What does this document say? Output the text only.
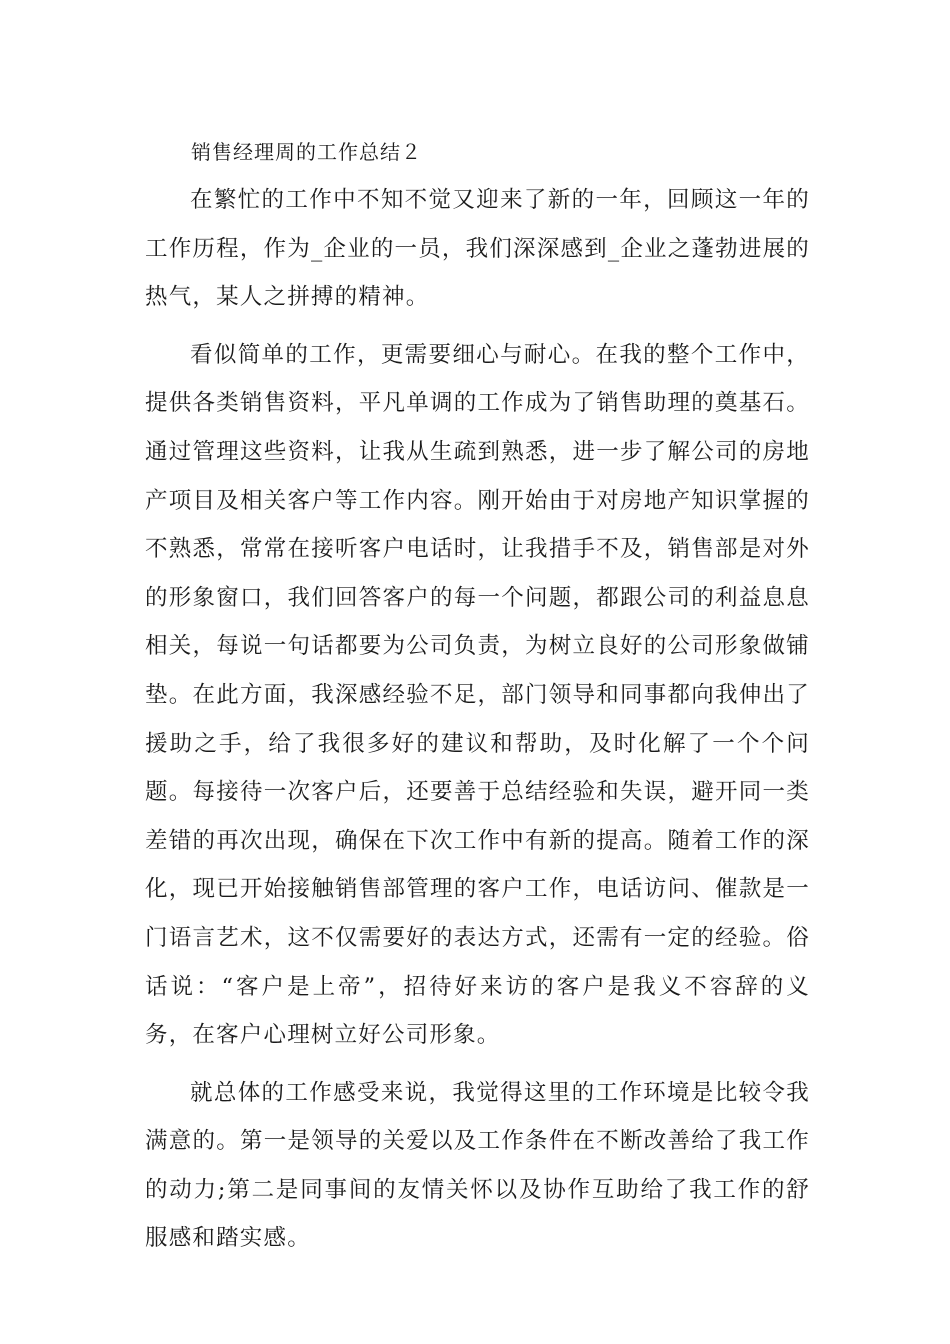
销售经理周的工作总结２

在繁忙的工作中不知不觉又迎来了新的一年，回顾这一年的工作历程，作为_企业的一员，我们深深感到_企业之蓬勃进展的热气，某人之拼搏的精神。

看似简单的工作，更需要细心与耐心。在我的整个工作中，提供各类销售资料，平凡单调的工作成为了销售助理的奠基石。通过管理这些资料，让我从生疏到熟悉，进一步了解公司的房地产项目及相关客户等工作内容。刚开始由于对房地产知识掌握的不熟悉，常常在接听客户电话时，让我措手不及，销售部是对外的形象窗口，我们回答客户的每一个问题，都跟公司的利益息息相关，每说一句话都要为公司负责，为树立良好的公司形象做铺垫。在此方面，我深感经验不足，部门领导和同事都向我伸出了援助之手，给了我很多好的建议和帮助，及时化解了一个个问题。每接待一次客户后，还要善于总结经验和失误，避开同一类差错的再次出现，确保在下次工作中有新的提高。随着工作的深化，现已开始接触销售部管理的客户工作，电话访问、催款是一门语言艺术，这不仅需要好的表达方式，还需有一定的经验。俗话说：“客户是上帝”，招待好来访的客户是我义不容辞的义务，在客户心理树立好公司形象。

就总体的工作感受来说，我觉得这里的工作环境是比较令我满意的。第一是领导的关爱以及工作条件在不断改善给了我工作的动力;第二是同事间的友情关怀以及协作互助给了我工作的舒服感和踏实感。
